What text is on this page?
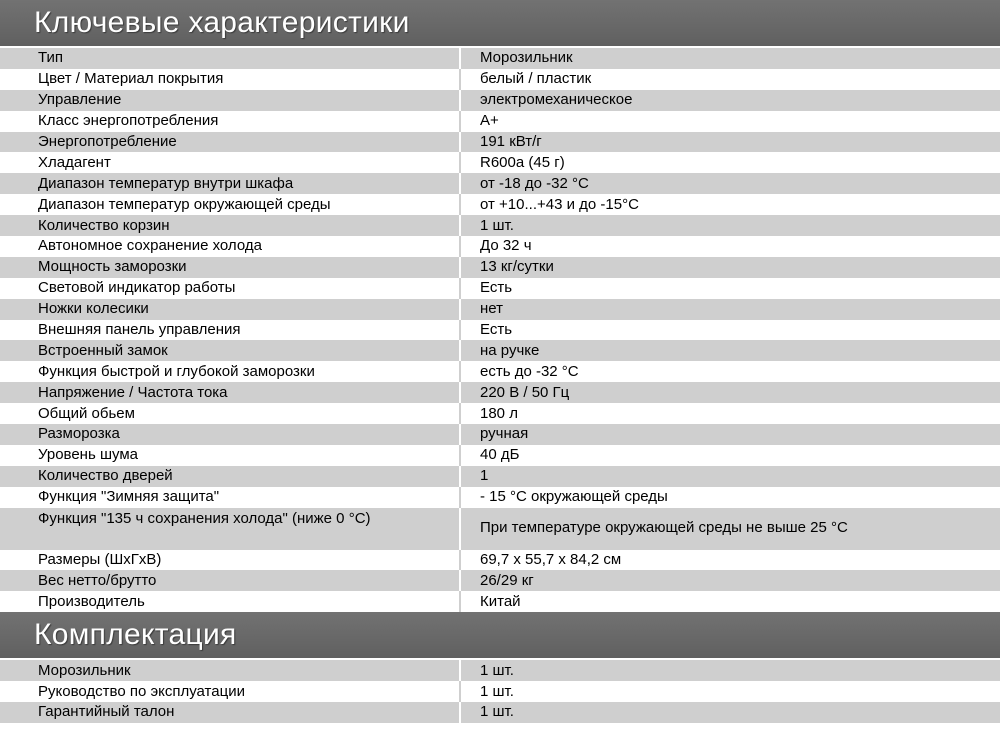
Ключевые характеристики
Тип	Морозильник
Цвет / Материал покрытия	белый / пластик
Управление	электромеханическое
Класс энергопотребления	А+
Энергопотребление	191 кВт/г
Хладагент	R600a (45 г)
Диапазон температур внутри шкафа	от -18 до -32 °С
Диапазон температур окружающей среды	от +10...+43 и до -15°С
Количество корзин	1 шт.
Автономное сохранение холода	До 32 ч
Мощность заморозки	13 кг/сутки
Световой индикатор работы	Есть
Ножки колесики	нет
Внешняя панель управления	Есть
Встроенный замок	на ручке
Функция быстрой и глубокой заморозки	есть до -32 °С
Напряжение / Частота тока	220 В / 50 Гц
Общий обьем	180 л
Разморозка	ручная
Уровень шума	40 дБ
Количество дверей	1
Функция "Зимняя защита"	- 15 °С окружающей среды
Функция "135 ч сохранения холода" (ниже 0 °С)	При температуре окружающей среды не выше 25 °С
Размеры (ШхГхВ)	69,7 х 55,7 х 84,2 см
Вес нетто/брутто	26/29 кг
Производитель	Китай
Комплектация
Морозильник	1 шт.
Руководство по эксплуатации	1 шт.
Гарантийный талон	1 шт.
